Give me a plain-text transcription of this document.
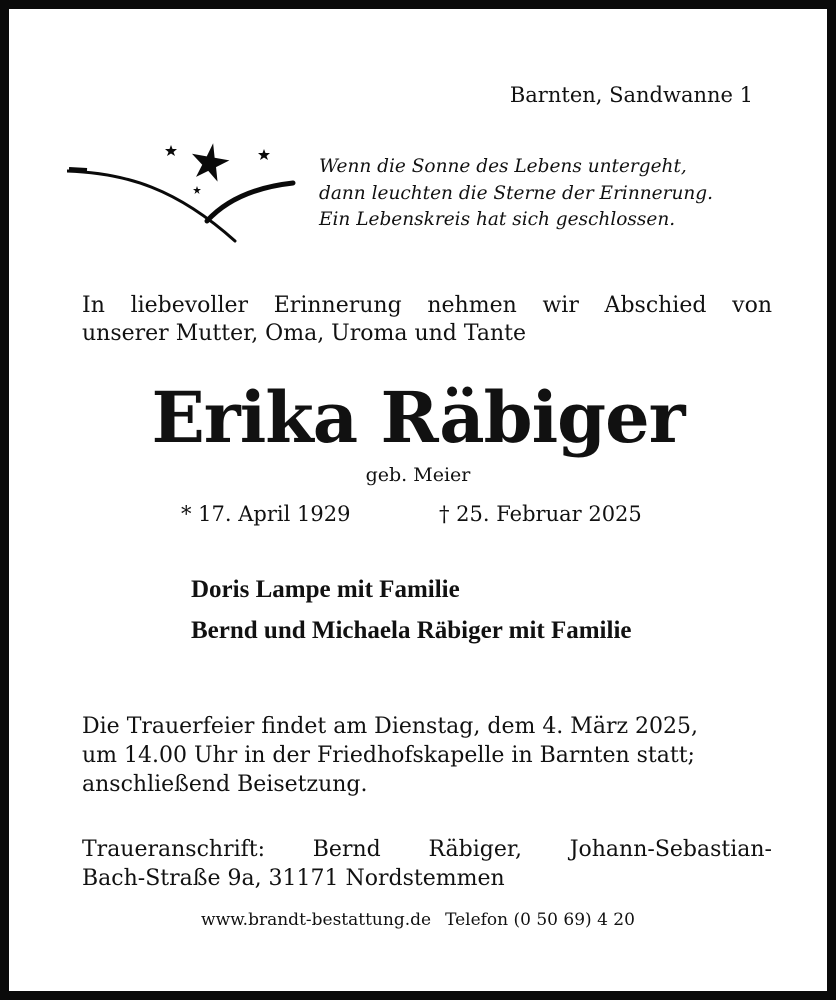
Barnten, Sandwanne 1
Wenn die Sonne des Lebens untergeht,
dann leuchten die Sterne der Erinnerung.
Ein Lebenskreis hat sich geschlossen.
In liebevoller Erinnerung nehmen wir Abschied von
unserer Mutter, Oma, Uroma und Tante
Erika Räbiger
geb. Meier
* 17. April 1929	† 25. Februar 2025
Doris Lampe mit Familie
Bernd und Michaela Räbiger mit Familie
Die Trauerfeier findet am Dienstag, dem 4. März 2025,
um 14.00 Uhr in der Friedhofskapelle in Barnten statt;
anschließend Beisetzung.
Traueranschrift: Bernd Räbiger, Johann-Sebastian-
Bach-Straße 9a, 31171 Nordstemmen
www.brandt-bestattung.de Telefon (0 50 69) 4 20
